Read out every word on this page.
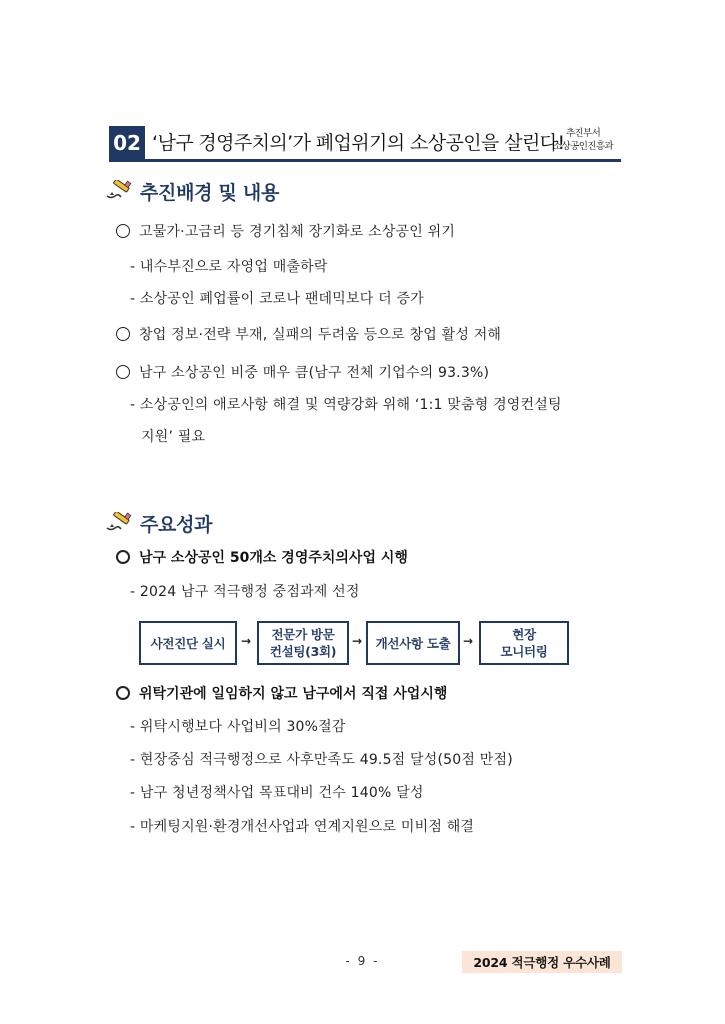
02 ‘남구 경영주치의’가 폐업위기의 소상공인을 살린다! 추진부서
소상공인진흥과
추진배경 및 내용
고물가·고금리 등 경기침체 장기화로 소상공인 위기
- 내수부진으로 자영업 매출하락
- 소상공인 폐업률이 코로나 팬데믹보다 더 증가
창업 정보·전략 부재, 실패의 두려움 등으로 창업 활성 저해
남구 소상공인 비중 매우 큼(남구 전체 기업수의 93.3%)
- 소상공인의 애로사항 해결 및 역량강화 위해 ‘1:1 맞춤형 경영컨설팅
지원’ 필요
주요성과
남구 소상공인 50개소 경영주치의사업 시행
- 2024 남구 적극행정 중점과제 선정
사전진단 실시 → 전문가 방문
컨설팅(3회)
→ 개선사항 도출 →	현장
모니터링
위탁기관에 일임하지 않고 남구에서 직접 사업시행
- 위탁시행보다 사업비의 30%절감
- 현장중심 적극행정으로 사후만족도 49.5점 달성(50점 만점)
- 남구 청년정책사업 목표대비 건수 140% 달성
- 마케팅지원·환경개선사업과 연계지원으로 미비점 해결
- 9 -	2024 적극행정 우수사례
